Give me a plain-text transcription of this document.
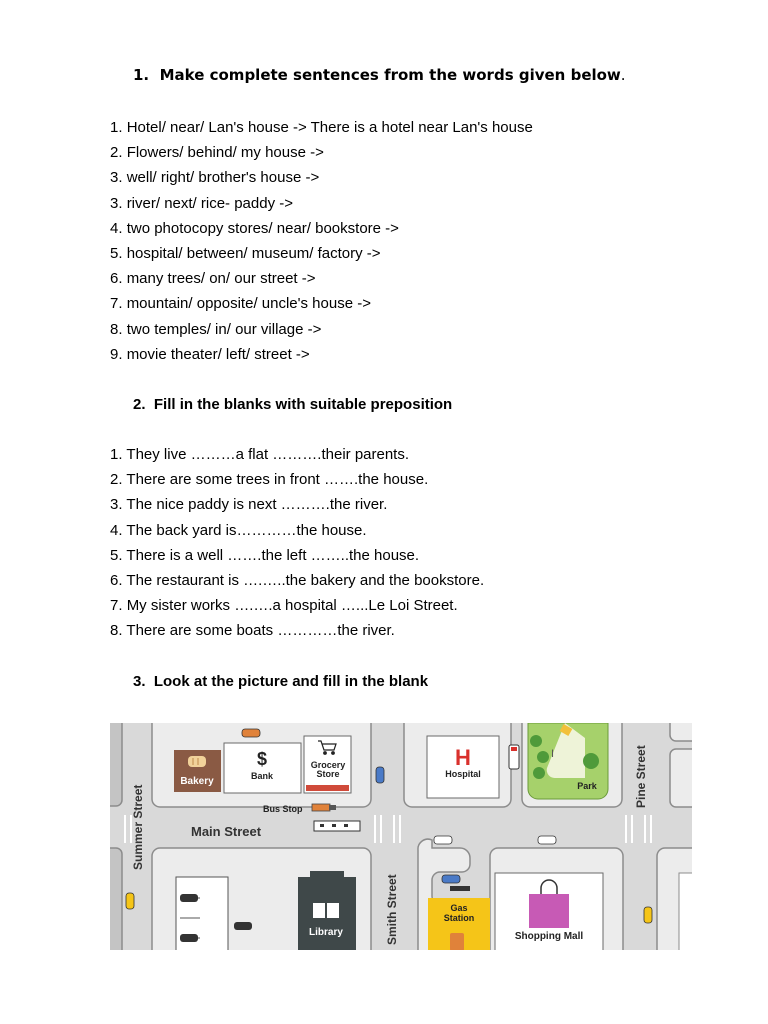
1. Make complete sentences from the words given below.
1. Hotel/ near/ Lan's house -> There is a hotel near Lan's house
2. Flowers/ behind/ my house ->
3. well/ right/ brother's house ->
3. river/ next/ rice- paddy ->
4. two photocopy stores/ near/ bookstore ->
5. hospital/ between/ museum/ factory ->
6. many trees/ on/ our street ->
7. mountain/ opposite/ uncle's house ->
8. two temples/ in/ our village ->
9. movie theater/ left/ street ->
2. Fill in the blanks with suitable preposition
1. They live ………a flat ……….their parents.
2. There are some trees in front …….the house.
3. The nice paddy is next ……….the river.
4. The back yard is…………the house.
5. There is a well …….the left ……..the house.
6. The restaurant is ….…..the bakery and the bookstore.
7. My sister works ….….a hospital …...Le Loi Street.
8. There are some boats …………the river.
3. Look at the picture and fill in the blank
Bakery
$
Bank
Grocery
Store
Bus Stop
Main Street
H
Hospital
I
Park
Library
Gas
Station
Shopping Mall
Summer Street
Smith Street
Pine Street
